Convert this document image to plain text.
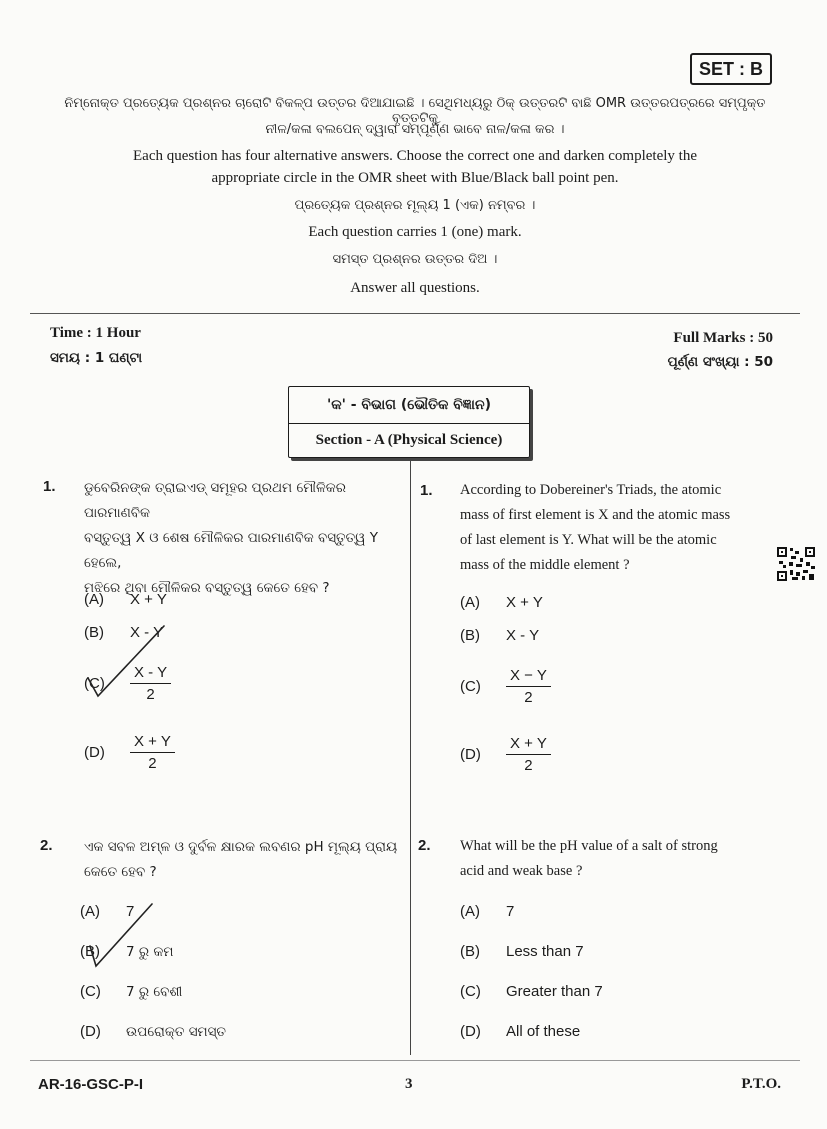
SET : B
ନିମ୍ନୋକ୍ତ ପ୍ରତ୍ୟେକ ପ୍ରଶ୍ନର ଚାରୋଟି ବିକଳ୍ପ ଉତ୍ତର ଦିଆଯାଇଛି । ସେଥିମଧ୍ୟରୁ ଠିକ୍ ଉତ୍ତରଟି ବାଛି OMR ଉତ୍ତରପତ୍ରରେ ସମ୍ପୃକ୍ତ ବୃତ୍ତଟିକୁ
ନୀଳ/କଳା ବଲପେନ୍ ଦ୍ୱାରା ସମ୍ପୂର୍ଣ୍ଣ ଭାବେ ନାଳ/କଳା କର ।
Each question has four alternative answers. Choose the correct one and darken completely the
appropriate circle in the OMR sheet with Blue/Black ball point pen.
ପ୍ରତ୍ୟେକ ପ୍ରଶ୍ନର ମୂଲ୍ୟ 1 (ଏକ) ନମ୍ବର ।
Each question carries 1 (one) mark.
ସମସ୍ତ ପ୍ରଶ୍ନର ଉତ୍ତର ଦିଅ ।
Answer all questions.
Time : 1 Hour
ସମୟ : 1 ଘଣ୍ଟା
Full Marks : 50
ପୂର୍ଣ୍ଣ ସଂଖ୍ୟା : 50
'କ' - ବିଭାଗ (ଭୌତିକ ବିଜ୍ଞାନ)
Section - A (Physical Science)
1. ଡୁବେରିନଙ୍କ ତ୍ରାଇଏଡ୍ ସମୂହର ପ୍ରଥମ ମୌଳିକର ପାରମାଣବିକ
ବସ୍ତୁତ୍ୱ X ଓ ଶେଷ ମୌଳିକର ପାରମାଣବିକ ବସ୍ତୁତ୍ୱ Y ହେଲେ,
ମଝିରେ ଥିବା ମୌଳିକର ବସ୍ତୁତ୍ୱ କେତେ ହେବ ?
1. According to Dobereiner's Triads, the atomic
mass of first element is X and the atomic mass
of last element is Y. What will be the atomic
mass of the middle element ?
(A)	X + Y
(B)	X - Y
(C)	$\frac{X - Y}{2}$
(D)	$\frac{X + Y}{2}$
(A)	X + Y
(B)	X - Y
(C)	$\frac{X - Y}{2}$
(D)	$\frac{X + Y}{2}$
2. ଏକ ସବଳ ଅମ୍ଳ ଓ ଦୁର୍ବଳ କ୍ଷାରକ ଲବଣର pH ମୂଲ୍ୟ ପ୍ରାୟ
କେତେ ହେବ ?
2. What will be the pH value of a salt of strong
acid and weak base ?
(A)	7
(B)	7 ରୁ କମ
(C)	7 ରୁ ବେଶୀ
(D)	ଉପରୋକ୍ତ ସମସ୍ତ
(A)	7
(B)	Less than 7
(C)	Greater than 7
(D)	All of these
AR-16-GSC-P-I	3	P.T.O.
